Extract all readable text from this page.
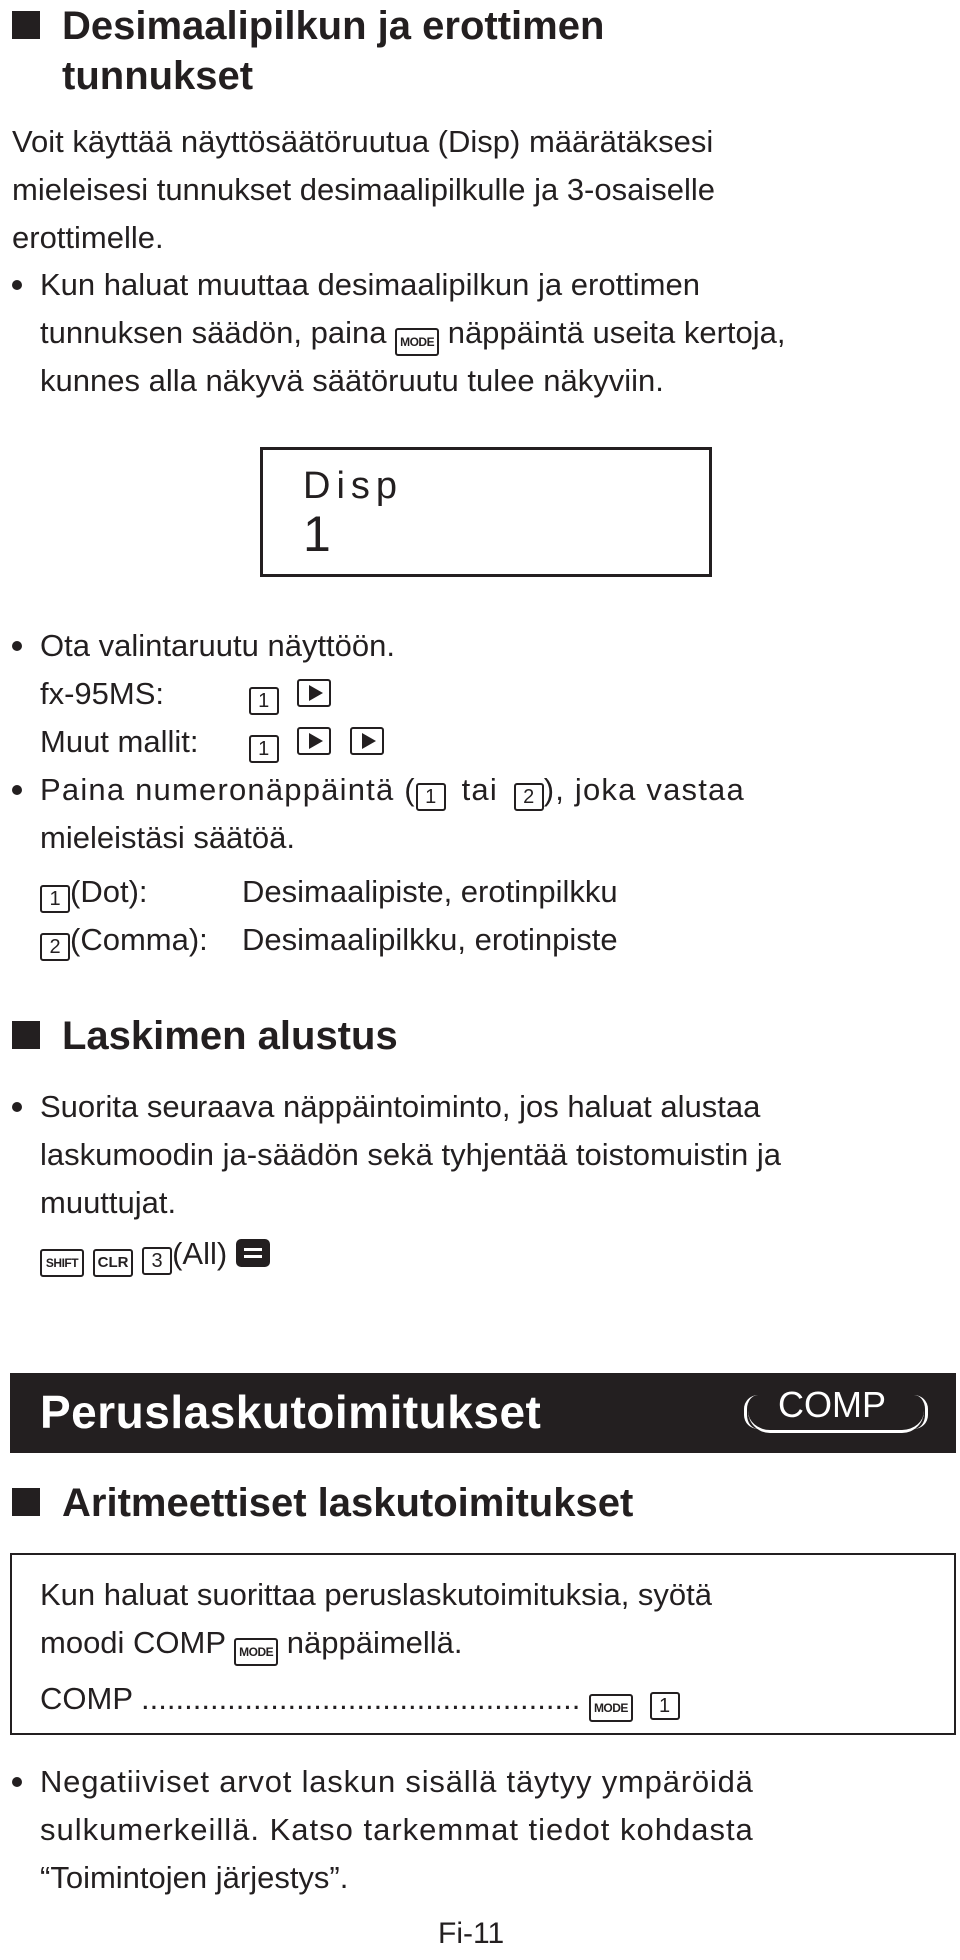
Desimaalipilkun ja erottimen
tunnukset
Voit käyttää näyttösäätöruutua (Disp) määrätäksesi
mieleisesi tunnukset desimaalipilkulle ja 3-osaiselle
erottimelle.
Kun haluat muuttaa desimaalipilkun ja erottimen
tunnuksen säädön, paina MODE näppäintä useita kertoja,
kunnes alla näkyvä säätöruutu tulee näkyviin.
Disp
1
Ota valintaruutu näyttöön.
fx-95MS:	1
Muut mallit:	1
Paina numeronäppäintä ( 1 tai 2 ), joka vastaa
mieleistäsi säätöä.
1 (Dot):	Desimaalipiste, erotinpilkku
2 (Comma): Desimaalipilkku, erotinpiste
Laskimen alustus
Suorita seuraava näppäintoiminto, jos haluat alustaa
laskumoodin ja-säädön sekä tyhjentää toistomuistin ja
muuttujat.
SHIFT CLR 3 (All)
Peruslaskutoimitukset	COMP
Aritmeettiset laskutoimitukset
Kun haluat suorittaa peruslaskutoimituksia, syötä
moodi COMP MODE näppäimellä.
COMP ................................................... MODE 1
Negatiiviset arvot laskun sisällä täytyy ympäröidä
sulkumerkeillä. Katso tarkemmat tiedot kohdasta
“Toimintojen järjestys”.
Fi-11
